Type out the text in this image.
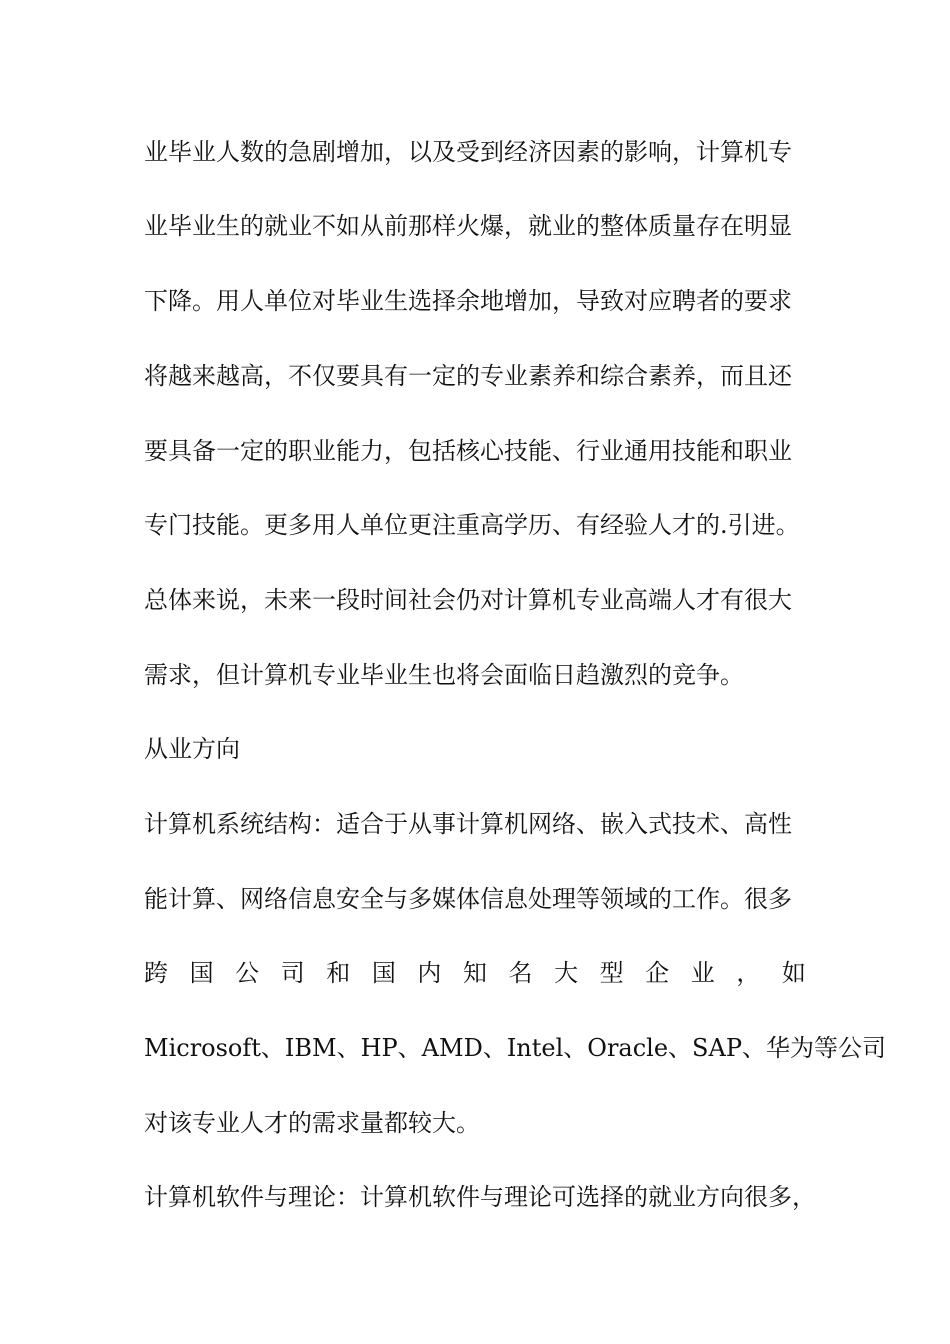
业毕业人数的急剧增加，以及受到经济因素的影响，计算机专

业毕业生的就业不如从前那样火爆，就业的整体质量存在明显

下降。用人单位对毕业生选择余地增加，导致对应聘者的要求

将越来越高，不仅要具有一定的专业素养和综合素养，而且还

要具备一定的职业能力，包括核心技能、行业通用技能和职业

专门技能。更多用人单位更注重高学历、有经验人才的.引进。

总体来说，未来一段时间社会仍对计算机专业高端人才有很大

需求，但计算机专业毕业生也将会面临日趋激烈的竞争。

从业方向

计算机系统结构：适合于从事计算机网络、嵌入式技术、高性

能计算、网络信息安全与多媒体信息处理等领域的工作。很多

跨 国 公 司 和 国 内 知 名 大 型 企 业 ， 如

Microsoft、IBM、HP、AMD、Intel、Oracle、SAP、华为等公司

对该专业人才的需求量都较大。

计算机软件与理论：计算机软件与理论可选择的就业方向很多，
